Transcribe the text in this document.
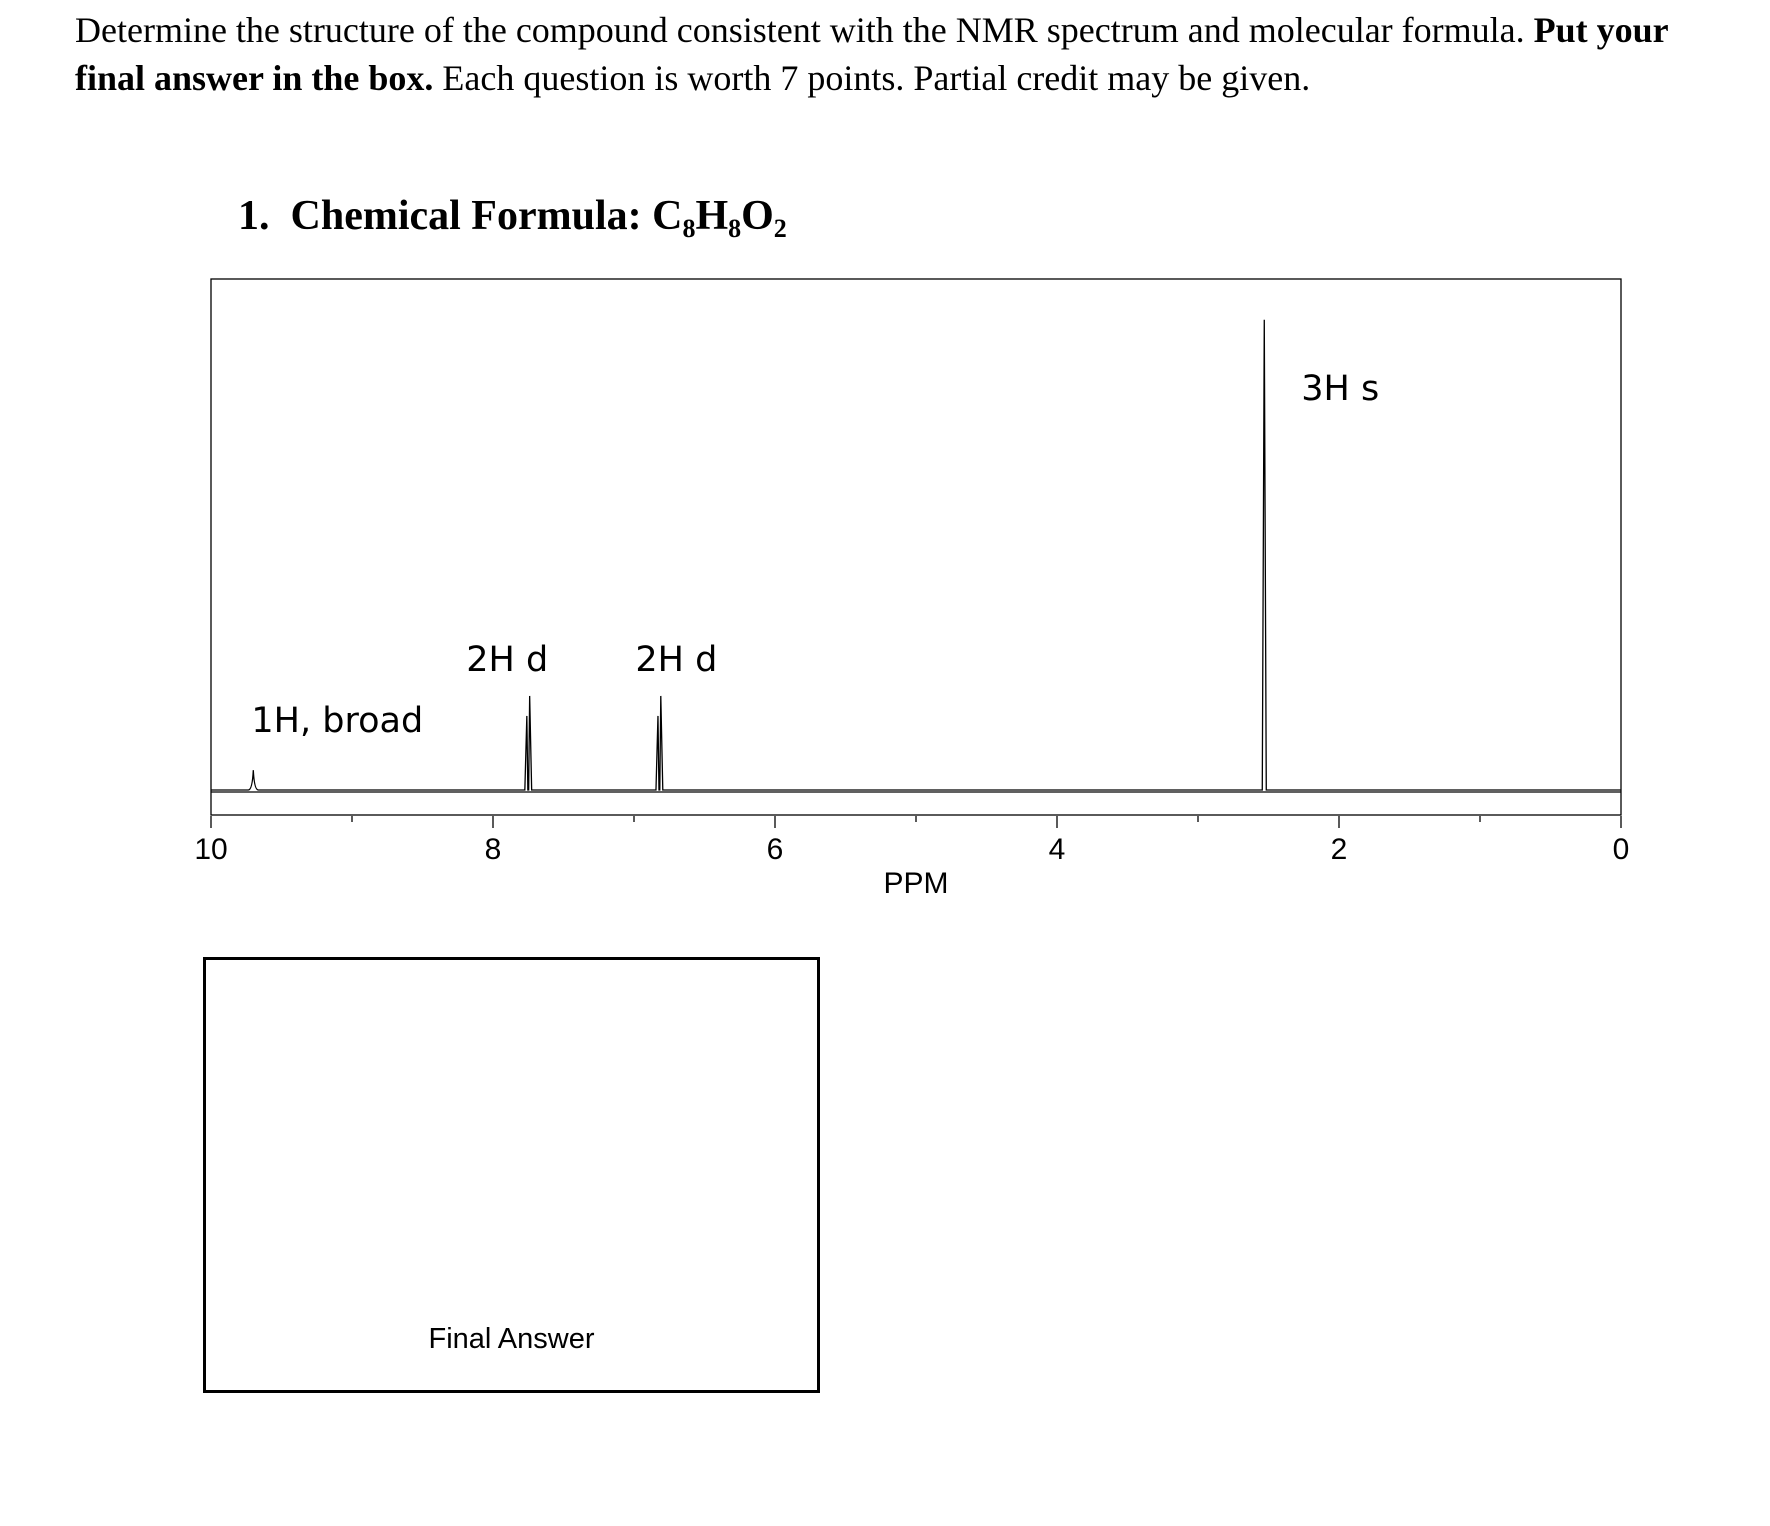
Determine the structure of the compound consistent with the NMR spectrum and molecular formula. Put your final answer in the box. Each question is worth 7 points. Partial credit may be given.
1. Chemical Formula: $C_8H_8O_2$
10	8	6	4	2	0
1H, broad
2H d 2H d
3H s
PPM
Final Answer
